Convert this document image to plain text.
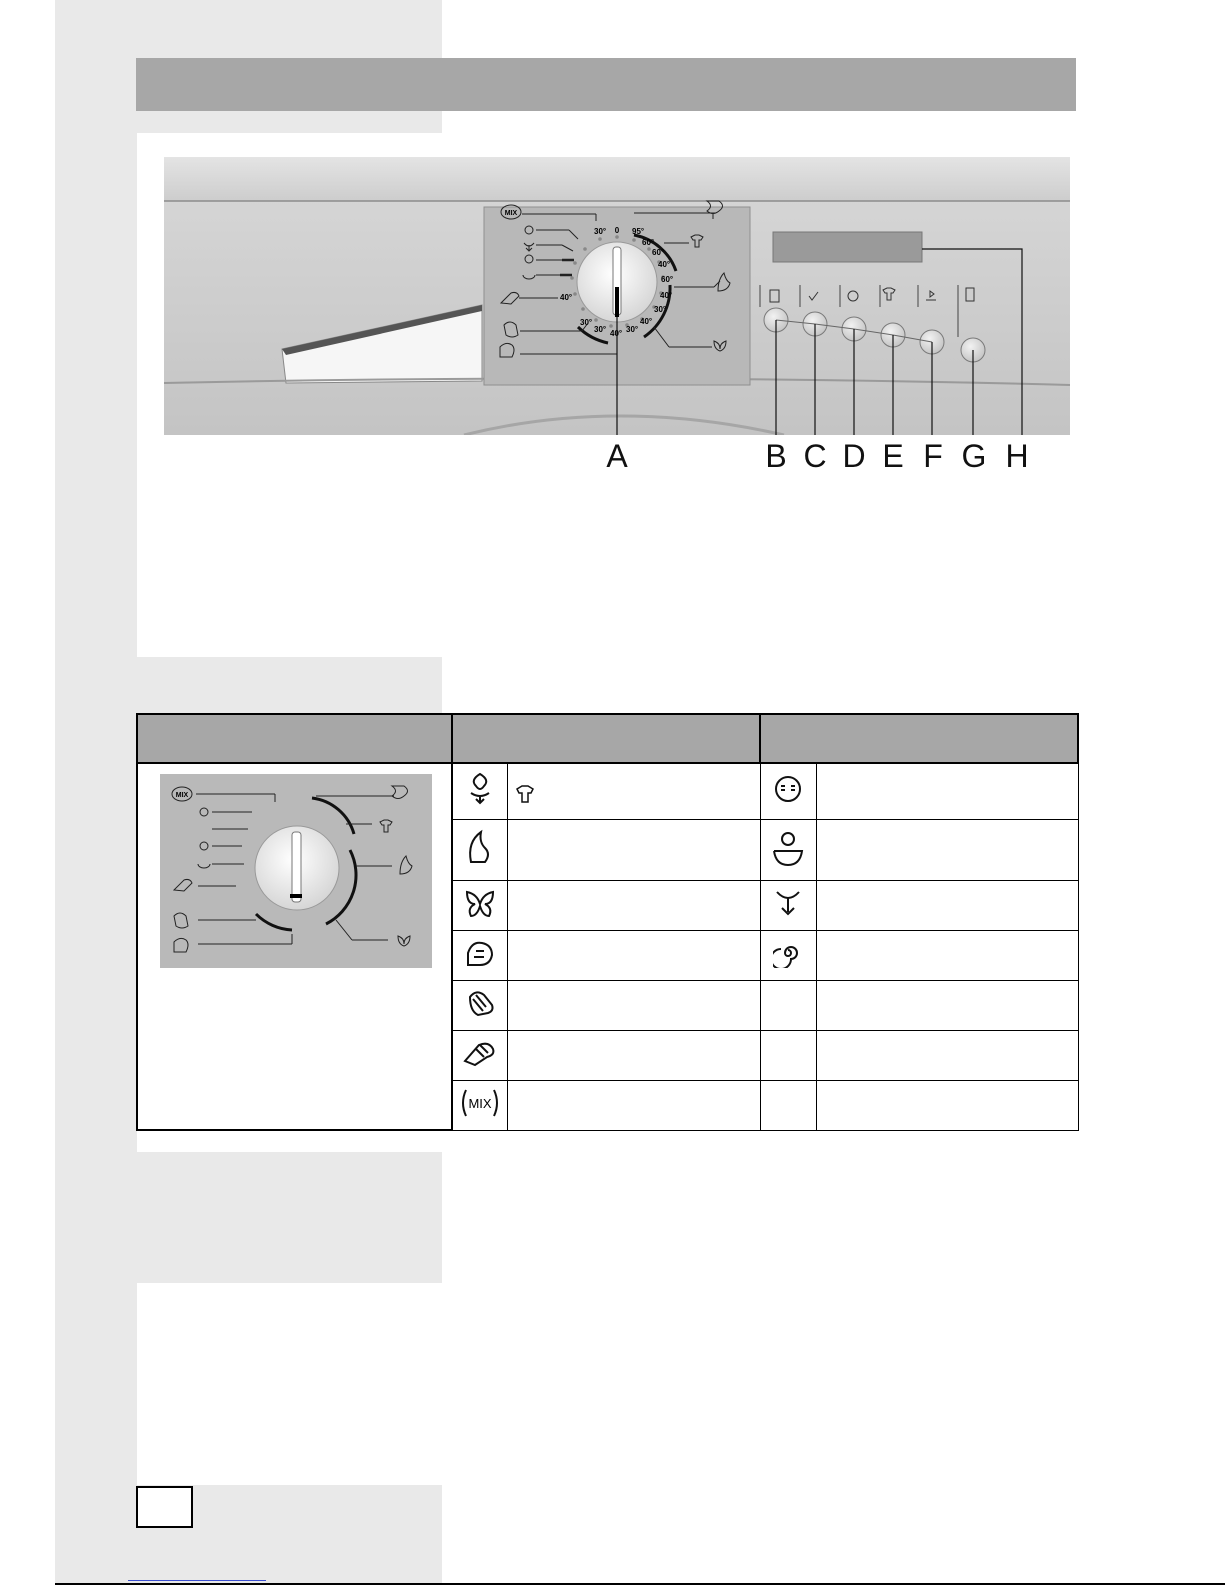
0 95°
60°
60°
40°
60°
40°
30°
40°
30°
30°
40°
30°
30° 40°
MIX
A	B C D E F G H

MIX

MIX			
